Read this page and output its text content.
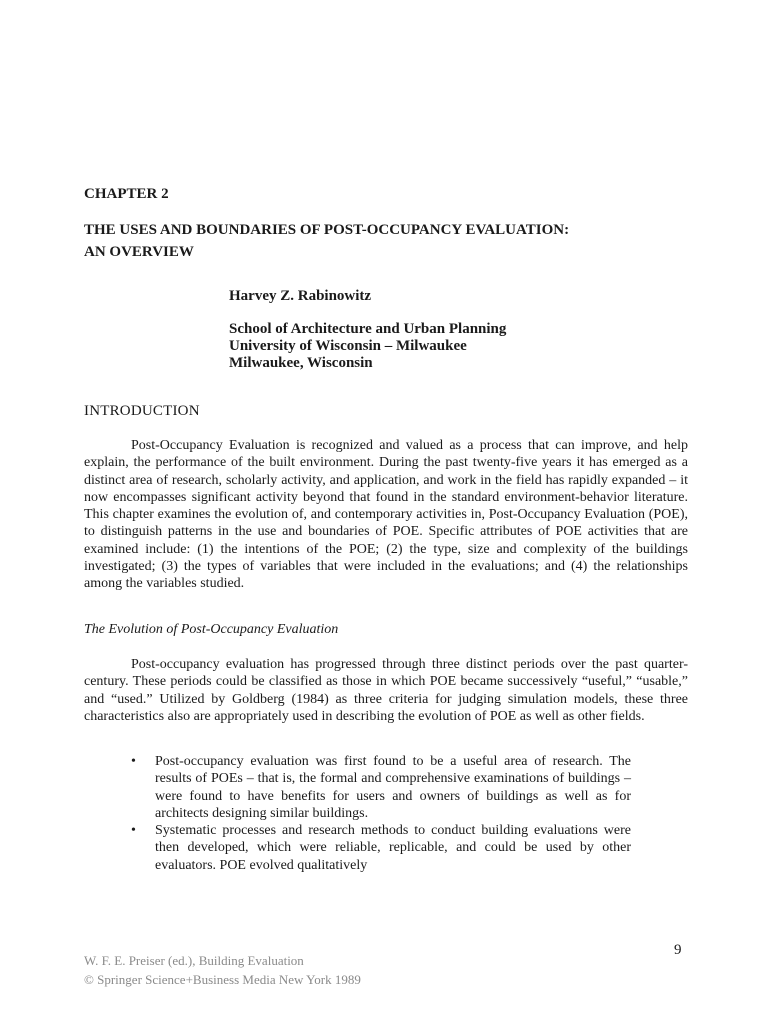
CHAPTER 2
THE USES AND BOUNDARIES OF POST-OCCUPANCY EVALUATION:
AN OVERVIEW
Harvey Z. Rabinowitz
School of Architecture and Urban Planning
University of Wisconsin – Milwaukee
Milwaukee, Wisconsin
INTRODUCTION

Post-Occupancy Evaluation is recognized and valued as a process that can improve, and help explain, the performance of the built environment. During the past twenty-five years it has emerged as a distinct area of research, scholarly activity, and application, and work in the field has rapidly expanded – it now encompasses significant activity beyond that found in the standard environment-behavior literature. This chapter examines the evolution of, and contemporary activities in, Post-Occupancy Evaluation (POE), to distinguish patterns in the use and boundaries of POE. Specific attributes of POE activities that are examined include: (1) the intentions of the POE; (2) the type, size and complexity of the buildings investigated; (3) the types of variables that were included in the evaluations; and (4) the relationships among the variables studied.

The Evolution of Post-Occupancy Evaluation

Post-occupancy evaluation has progressed through three distinct periods over the past quarter-century. These periods could be classified as those in which POE became successively “useful,” “usable,” and “used.” Utilized by Goldberg (1984) as three criteria for judging simulation models, these three characteristics also are appropriately used in describing the evolution of POE as well as other fields.

• Post-occupancy evaluation was first found to be a useful area of research. The results of POEs – that is, the formal and comprehensive examinations of buildings – were found to have benefits for users and owners of buildings as well as for architects designing similar buildings.
• Systematic processes and research methods to conduct building evaluations were then developed, which were reliable, replicable, and could be used by other evaluators. POE evolved qualitatively
9
W. F. E. Preiser (ed.), Building Evaluation
© Springer Science+Business Media New York 1989
